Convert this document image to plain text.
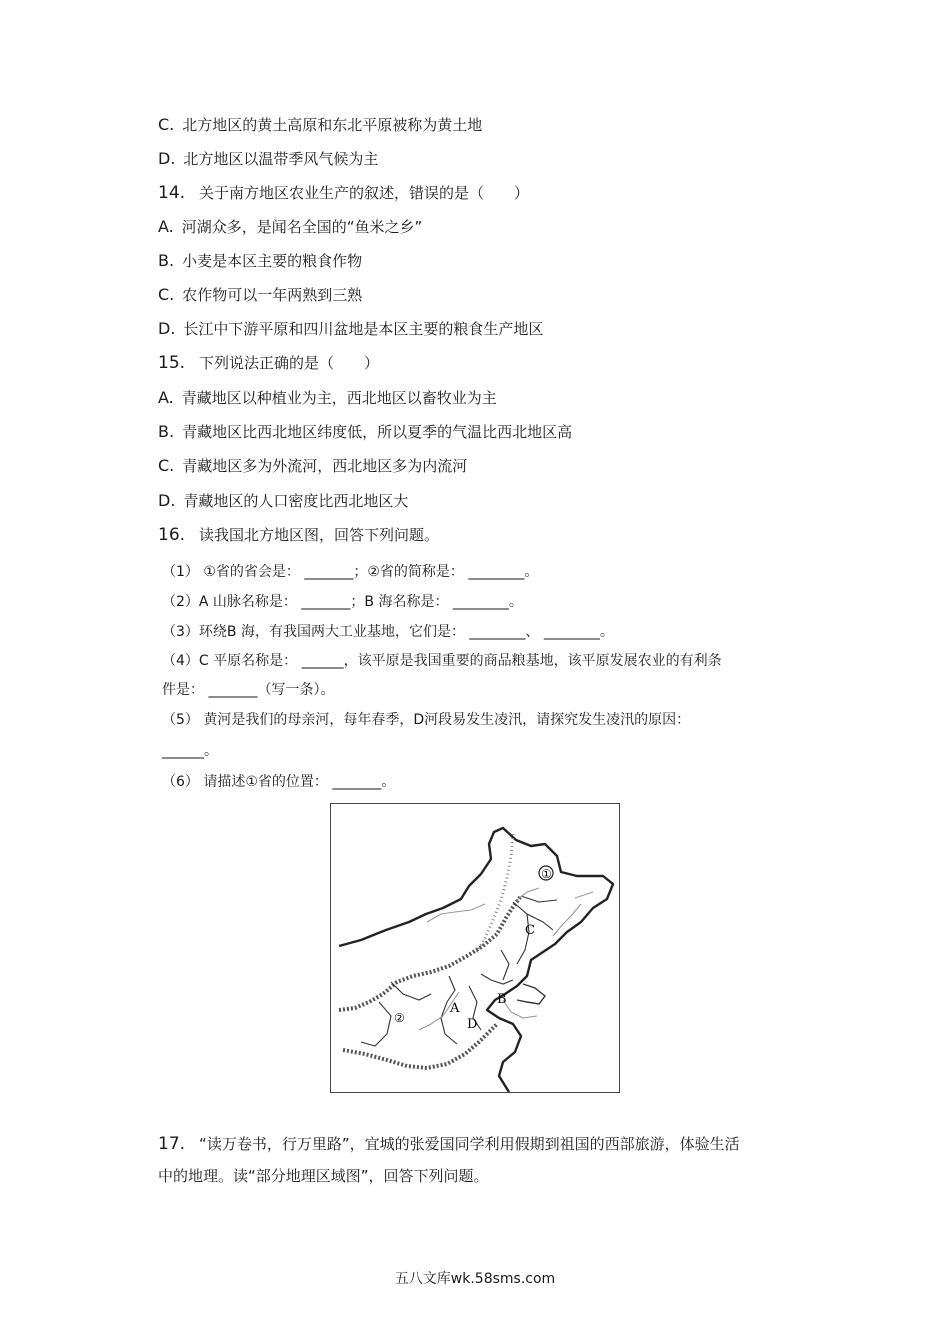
C. 北方地区的黄土高原和东北平原被称为黄土地
D. 北方地区以温带季风气候为主
14. 关于南方地区农业生产的叙述，错误的是（　　）
A. 河湖众多，是闻名全国的“鱼米之乡”
B. 小麦是本区主要的粮食作物
C. 农作物可以一年两熟到三熟
D. 长江中下游平原和四川盆地是本区主要的粮食生产地区
15. 下列说法正确的是（　　）
A. 青藏地区以种植业为主，西北地区以畜牧业为主
B. 青藏地区比西北地区纬度低，所以夏季的气温比西北地区高
C. 青藏地区多为外流河，西北地区多为内流河
D. 青藏地区的人口密度比西北地区大
16. 读我国北方地区图，回答下列问题。
（1） ①省的省会是： _______；②省的简称是： ________。
（2）A 山脉名称是： _______；B 海名称是： ________。
（3）环绕B 海，有我国两大工业基地，它们是： ________、 ________。
（4）C 平原名称是： ______，该平原是我国重要的商品粮基地，该平原发展农业的有利条
件是： _______（写一条）。
（5） 黄河是我们的母亲河，每年春季，D河段易发生凌汛，请探究发生凌汛的原因：
______。
（6） 请描述①省的位置： _______。
①
C
A
B
D
②
17. “读万卷书，行万里路”，宜城的张爱国同学利用假期到祖国的西部旅游，体验生活
中的地理。读“部分地理区域图”，回答下列问题。
五八文库wk.58sms.com
